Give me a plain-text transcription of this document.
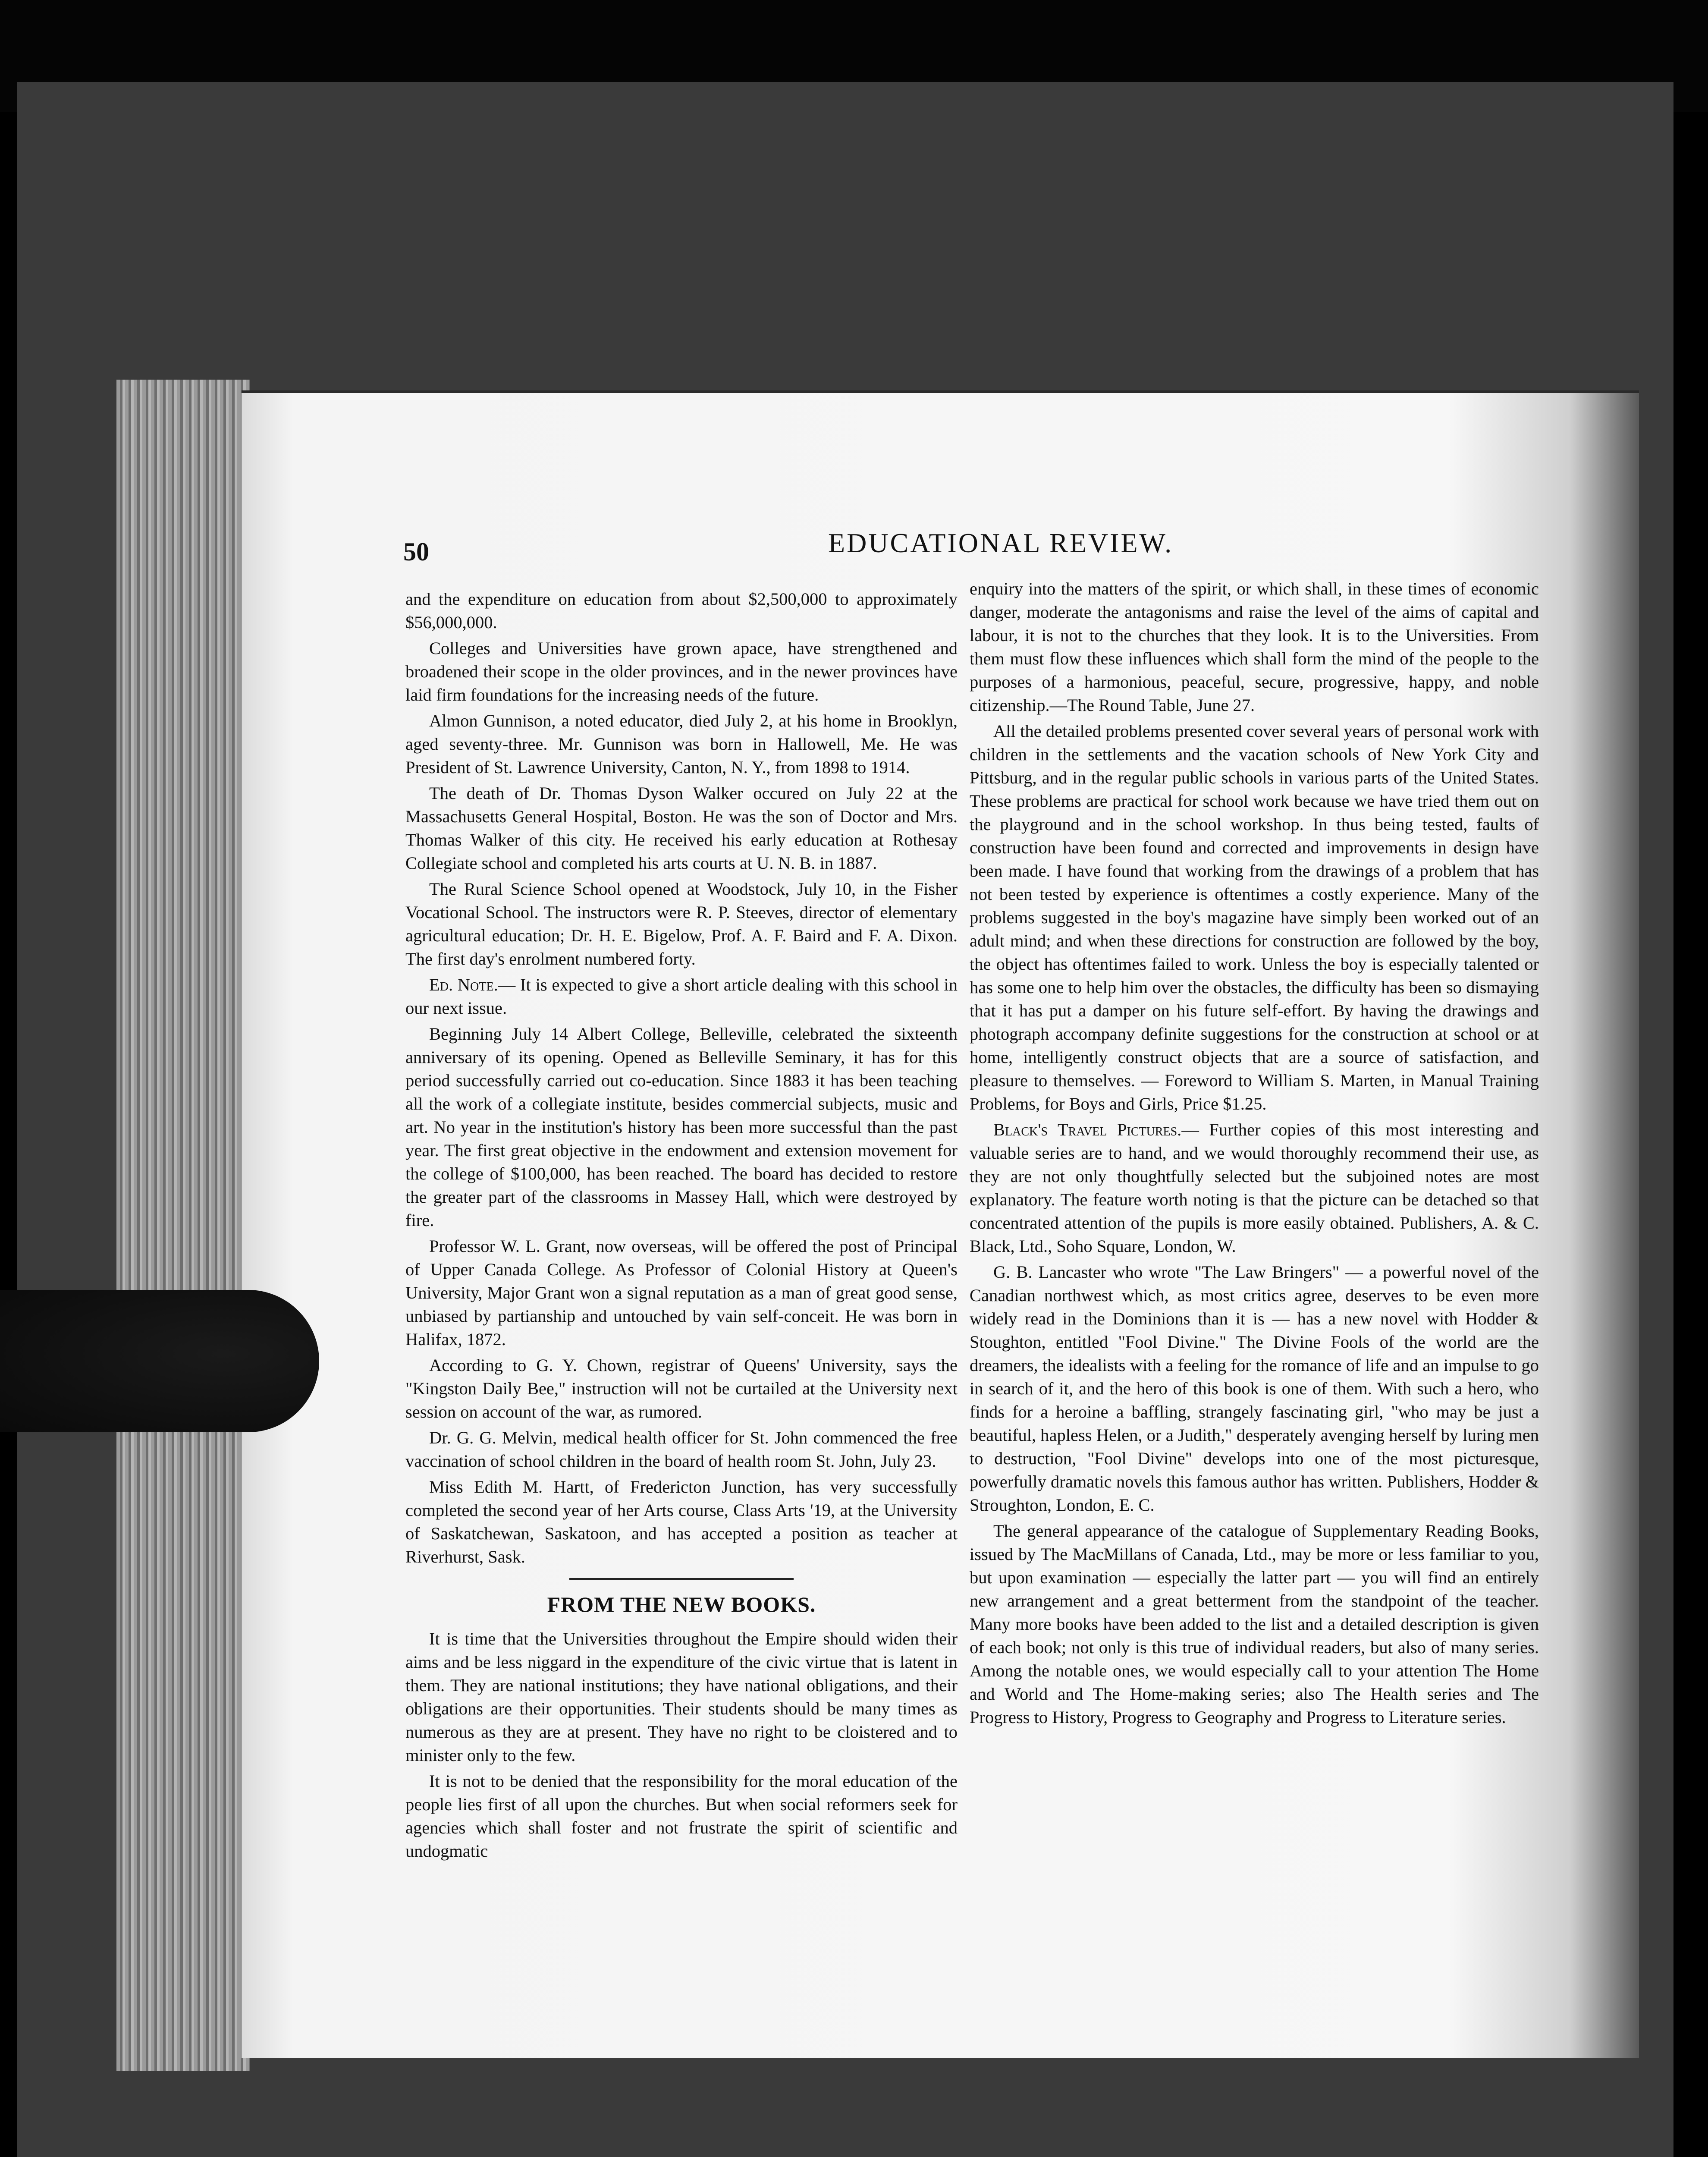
50	EDUCATIONAL REVIEW.

and the expenditure on education from about $2,500,000 to approximately $56,000,000.

Colleges and Universities have grown apace, have strengthened and broadened their scope in the older provinces, and in the newer provinces have laid firm foundations for the increasing needs of the future.

Almon Gunnison, a noted educator, died July 2, at his home in Brooklyn, aged seventy-three. Mr. Gunnison was born in Hallowell, Me. He was President of St. Lawrence University, Canton, N. Y., from 1898 to 1914.

The death of Dr. Thomas Dyson Walker occured on July 22 at the Massachusetts General Hospital, Boston. He was the son of Doctor and Mrs. Thomas Walker of this city. He received his early education at Rothesay Collegiate school and completed his arts courts at U. N. B. in 1887.

The Rural Science School opened at Woodstock, July 10, in the Fisher Vocational School. The instructors were R. P. Steeves, director of elementary agricultural education; Dr. H. E. Bigelow, Prof. A. F. Baird and F. A. Dixon. The first day's enrolment numbered forty.

Ed. Note.— It is expected to give a short article dealing with this school in our next issue.

Beginning July 14 Albert College, Belleville, celebrated the sixteenth anniversary of its opening. Opened as Belleville Seminary, it has for this period successfully carried out co-education. Since 1883 it has been teaching all the work of a collegiate institute, besides commercial subjects, music and art. No year in the institution's history has been more successful than the past year. The first great objective in the endowment and extension movement for the college of $100,000, has been reached. The board has decided to restore the greater part of the classrooms in Massey Hall, which were destroyed by fire.

Professor W. L. Grant, now overseas, will be offered the post of Principal of Upper Canada College. As Professor of Colonial History at Queen's University, Major Grant won a signal reputation as a man of great good sense, unbiased by partianship and untouched by vain self-conceit. He was born in Halifax, 1872.

According to G. Y. Chown, registrar of Queens' University, says the "Kingston Daily Bee," instruction will not be curtailed at the University next session on account of the war, as rumored.

Dr. G. G. Melvin, medical health officer for St. John commenced the free vaccination of school children in the board of health room St. John, July 23.

Miss Edith M. Hartt, of Fredericton Junction, has very successfully completed the second year of her Arts course, Class Arts '19, at the University of Saskatchewan, Saskatoon, and has accepted a position as teacher at Riverhurst, Sask.

FROM THE NEW BOOKS.

It is time that the Universities throughout the Empire should widen their aims and be less niggard in the expenditure of the civic virtue that is latent in them. They are national institutions; they have national obligations, and their obligations are their opportunities. Their students should be many times as numerous as they are at present. They have no right to be cloistered and to minister only to the few.

It is not to be denied that the responsibility for the moral education of the people lies first of all upon the churches. But when social reformers seek for agencies which shall foster and not frustrate the spirit of scientific and undogmatic

enquiry into the matters of the spirit, or which shall, in these times of economic danger, moderate the antagonisms and raise the level of the aims of capital and labour, it is not to the churches that they look. It is to the Universities. From them must flow these influences which shall form the mind of the people to the purposes of a harmonious, peaceful, secure, progressive, happy, and noble citizenship.—The Round Table, June 27.

All the detailed problems presented cover several years of personal work with children in the settlements and the vacation schools of New York City and Pittsburg, and in the regular public schools in various parts of the United States. These problems are practical for school work because we have tried them out on the playground and in the school workshop. In thus being tested, faults of construction have been found and corrected and improvements in design have been made. I have found that working from the drawings of a problem that has not been tested by experience is oftentimes a costly experience. Many of the problems suggested in the boy's magazine have simply been worked out of an adult mind; and when these directions for construction are followed by the boy, the object has oftentimes failed to work. Unless the boy is especially talented or has some one to help him over the obstacles, the difficulty has been so dismaying that it has put a damper on his future self-effort. By having the drawings and photograph accompany definite suggestions for the construction at school or at home, intelligently construct objects that are a source of satisfaction, and pleasure to themselves. — Foreword to William S. Marten, in Manual Training Problems, for Boys and Girls, Price $1.25.

Black's Travel Pictures.— Further copies of this most interesting and valuable series are to hand, and we would thoroughly recommend their use, as they are not only thoughtfully selected but the subjoined notes are most explanatory. The feature worth noting is that the picture can be detached so that concentrated attention of the pupils is more easily obtained. Publishers, A. & C. Black, Ltd., Soho Square, London, W.

G. B. Lancaster who wrote "The Law Bringers" — a powerful novel of the Canadian northwest which, as most critics agree, deserves to be even more widely read in the Dominions than it is — has a new novel with Hodder & Stoughton, entitled "Fool Divine." The Divine Fools of the world are the dreamers, the idealists with a feeling for the romance of life and an impulse to go in search of it, and the hero of this book is one of them. With such a hero, who finds for a heroine a baffling, strangely fascinating girl, "who may be just a beautiful, hapless Helen, or a Judith," desperately avenging herself by luring men to destruction, "Fool Divine" develops into one of the most picturesque, powerfully dramatic novels this famous author has written. Publishers, Hodder & Stroughton, London, E. C.

The general appearance of the catalogue of Supplementary Reading Books, issued by The MacMillans of Canada, Ltd., may be more or less familiar to you, but upon examination — especially the latter part — you will find an entirely new arrangement and a great betterment from the standpoint of the teacher. Many more books have been added to the list and a detailed description is given of each book; not only is this true of individual readers, but also of many series. Among the notable ones, we would especially call to your attention The Home and World and The Home-making series; also The Health series and The Progress to History, Progress to Geography and Progress to Literature series.
